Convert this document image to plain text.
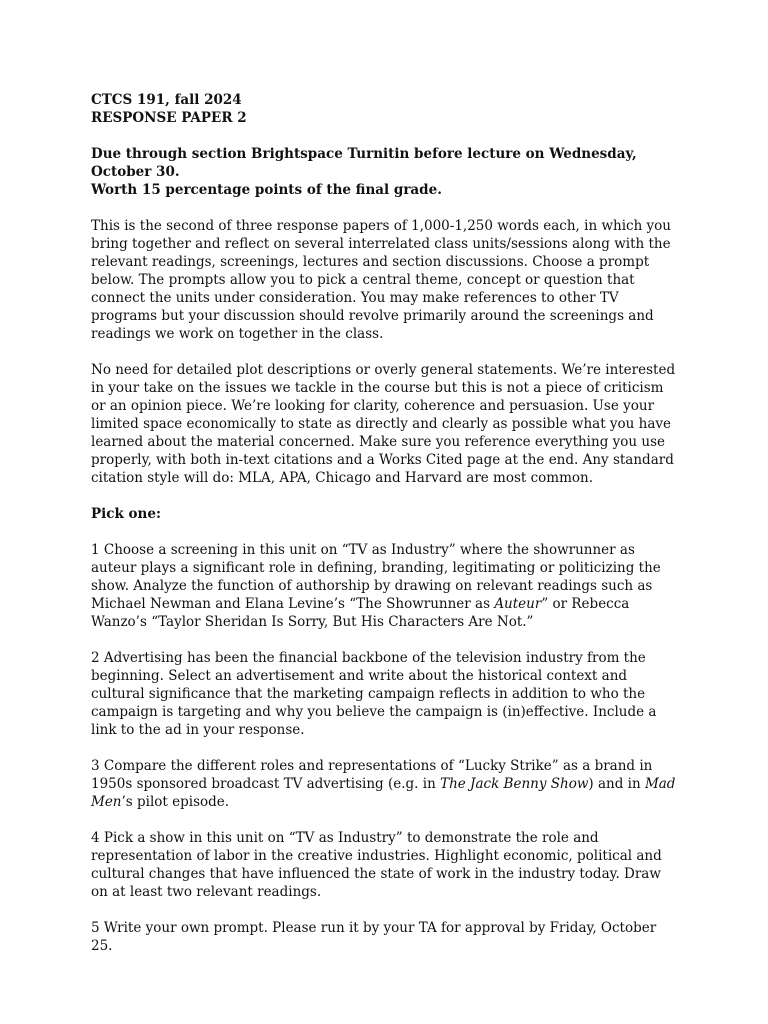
CTCS 191, fall 2024
RESPONSE PAPER 2
Due through section Brightspace Turnitin before lecture on Wednesday, October 30.
Worth 15 percentage points of the final grade.

This is the second of three response papers of 1,000-1,250 words each, in which you bring together and reflect on several interrelated class units/sessions along with the relevant readings, screenings, lectures and section discussions. Choose a prompt below. The prompts allow you to pick a central theme, concept or question that connect the units under consideration. You may make references to other TV programs but your discussion should revolve primarily around the screenings and readings we work on together in the class.

No need for detailed plot descriptions or overly general statements. We’re interested in your take on the issues we tackle in the course but this is not a piece of criticism or an opinion piece. We’re looking for clarity, coherence and persuasion. Use your limited space economically to state as directly and clearly as possible what you have learned about the material concerned. Make sure you reference everything you use properly, with both in-text citations and a Works Cited page at the end. Any standard citation style will do: MLA, APA, Chicago and Harvard are most common.

Pick one:

1 Choose a screening in this unit on “TV as Industry” where the showrunner as auteur plays a significant role in defining, branding, legitimating or politicizing the show. Analyze the function of authorship by drawing on relevant readings such as Michael Newman and Elana Levine’s “The Showrunner as Auteur” or Rebecca Wanzo’s “Taylor Sheridan Is Sorry, But His Characters Are Not.”

2 Advertising has been the financial backbone of the television industry from the beginning. Select an advertisement and write about the historical context and cultural significance that the marketing campaign reflects in addition to who the campaign is targeting and why you believe the campaign is (in)effective. Include a link to the ad in your response.

3 Compare the different roles and representations of “Lucky Strike” as a brand in 1950s sponsored broadcast TV advertising (e.g. in The Jack Benny Show) and in Mad Men’s pilot episode.

4 Pick a show in this unit on “TV as Industry” to demonstrate the role and representation of labor in the creative industries. Highlight economic, political and cultural changes that have influenced the state of work in the industry today. Draw on at least two relevant readings.

5 Write your own prompt. Please run it by your TA for approval by Friday, October 25.
